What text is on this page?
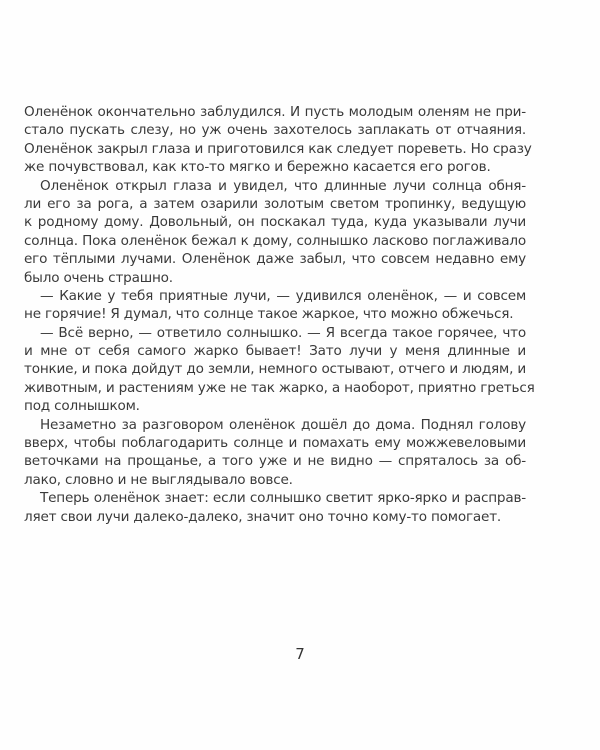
Оленёнок окончательно заблудился. И пусть молодым оленям не при-
стало пускать слезу, но уж очень захотелось заплакать от отчаяния.
Оленёнок закрыл глаза и приготовился как следует пореветь. Но сразу
же почувствовал, как кто-то мягко и бережно касается его рогов.
Оленёнок открыл глаза и увидел, что длинные лучи солнца обня-
ли его за рога, а затем озарили золотым светом тропинку, ведущую
к родному дому. Довольный, он поскакал туда, куда указывали лучи
солнца. Пока оленёнок бежал к дому, солнышко ласково поглаживало
его тёплыми лучами. Оленёнок даже забыл, что совсем недавно ему
было очень страшно.
— Какие у тебя приятные лучи, — удивился оленёнок, — и совсем
не горячие! Я думал, что солнце такое жаркое, что можно обжечься.
— Всё верно, — ответило солнышко. — Я всегда такое горячее, что
и мне от себя самого жарко бывает! Зато лучи у меня длинные и
тонкие, и пока дойдут до земли, немного остывают, отчего и людям, и
животным, и растениям уже не так жарко, а наоборот, приятно греться
под солнышком.
Незаметно за разговором оленёнок дошёл до дома. Поднял голову
вверх, чтобы поблагодарить солнце и помахать ему можжевеловыми
веточками на прощанье, а того уже и не видно — спряталось за об-
лако, словно и не выглядывало вовсе.
Теперь оленёнок знает: если солнышко светит ярко-ярко и расправ-
ляет свои лучи далеко-далеко, значит оно точно кому-то помогает.
7
